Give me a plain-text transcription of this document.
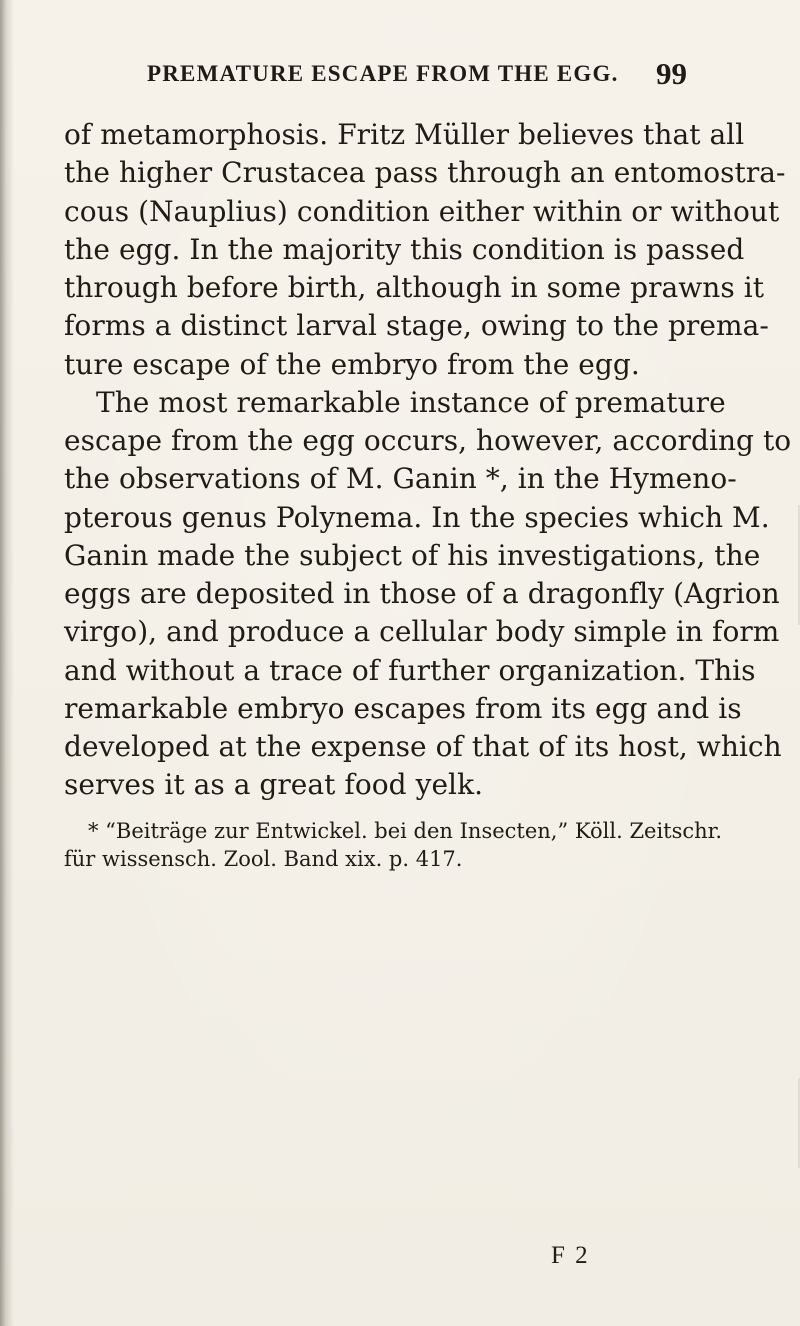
PREMATURE ESCAPE FROM THE EGG. 99
of metamorphosis. Fritz Müller believes that all
the higher Crustacea pass through an entomostra-
cous (Nauplius) condition either within or without
the egg. In the majority this condition is passed
through before birth, although in some prawns it
forms a distinct larval stage, owing to the prema-
ture escape of the embryo from the egg.
The most remarkable instance of premature
escape from the egg occurs, however, according to
the observations of M. Ganin *, in the Hymeno-
pterous genus Polynema. In the species which M.
Ganin made the subject of his investigations, the
eggs are deposited in those of a dragonfly (Agrion
virgo), and produce a cellular body simple in form
and without a trace of further organization. This
remarkable embryo escapes from its egg and is
developed at the expense of that of its host, which
serves it as a great food yelk.
* “Beiträge zur Entwickel. bei den Insecten,” Köll. Zeitschr.
für wissensch. Zool. Band xix. p. 417.
F 2
